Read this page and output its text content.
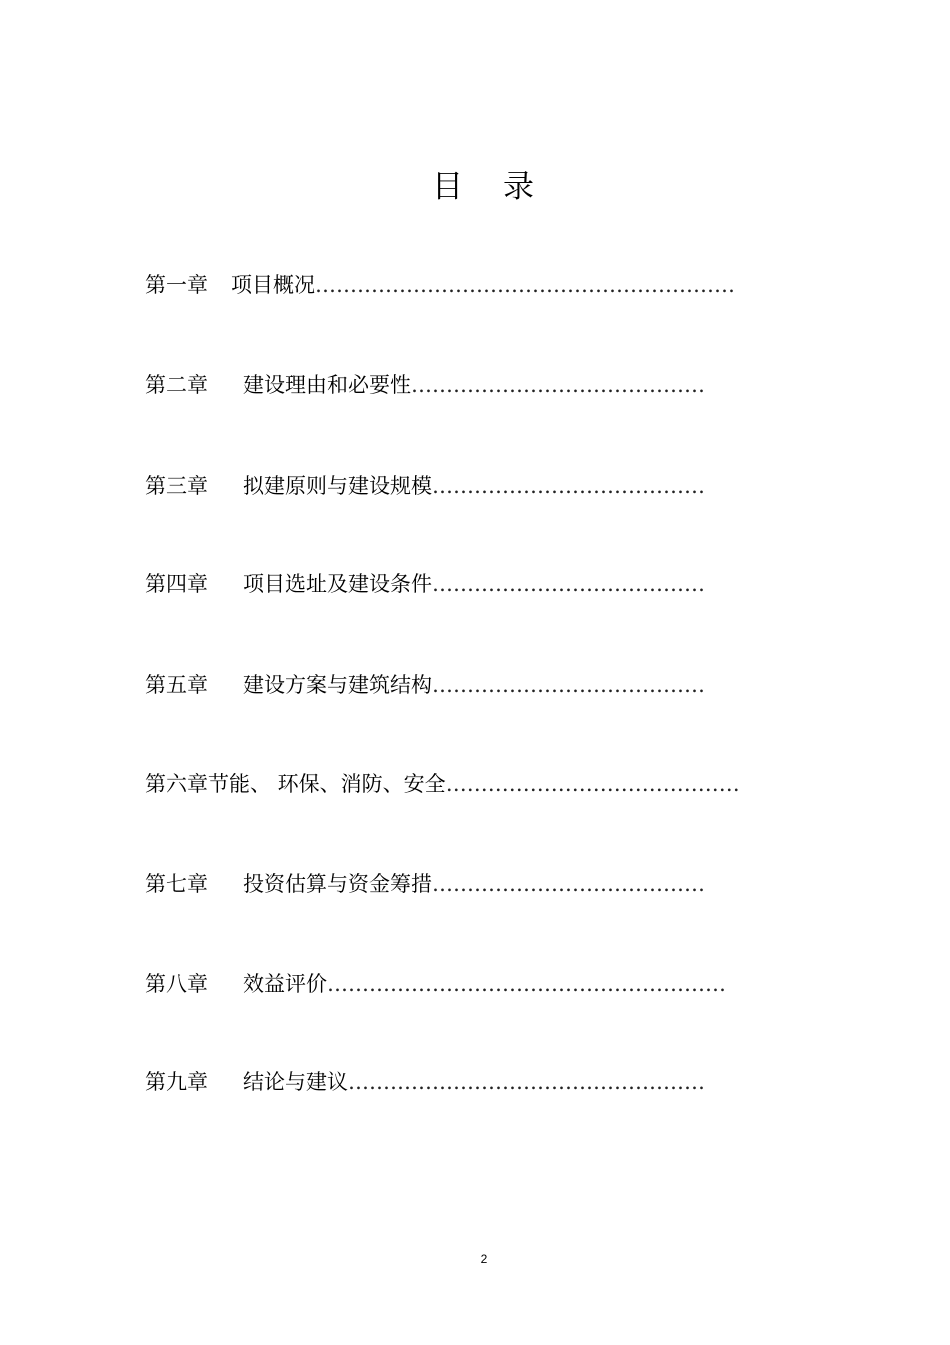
目 录
第一章 项目概况……………………………………………………
第二章 建设理由和必要性……………………………………
第三章 拟建原则与建设规模…………………………………
第四章 项目选址及建设条件…………………………………
第五章 建设方案与建筑结构…………………………………
第六章节能、 环保、消防、安全……………………………………
第七章 投资估算与资金筹措…………………………………
第八章 效益评价…………………………………………………
第九章 结论与建议……………………………………………
2
